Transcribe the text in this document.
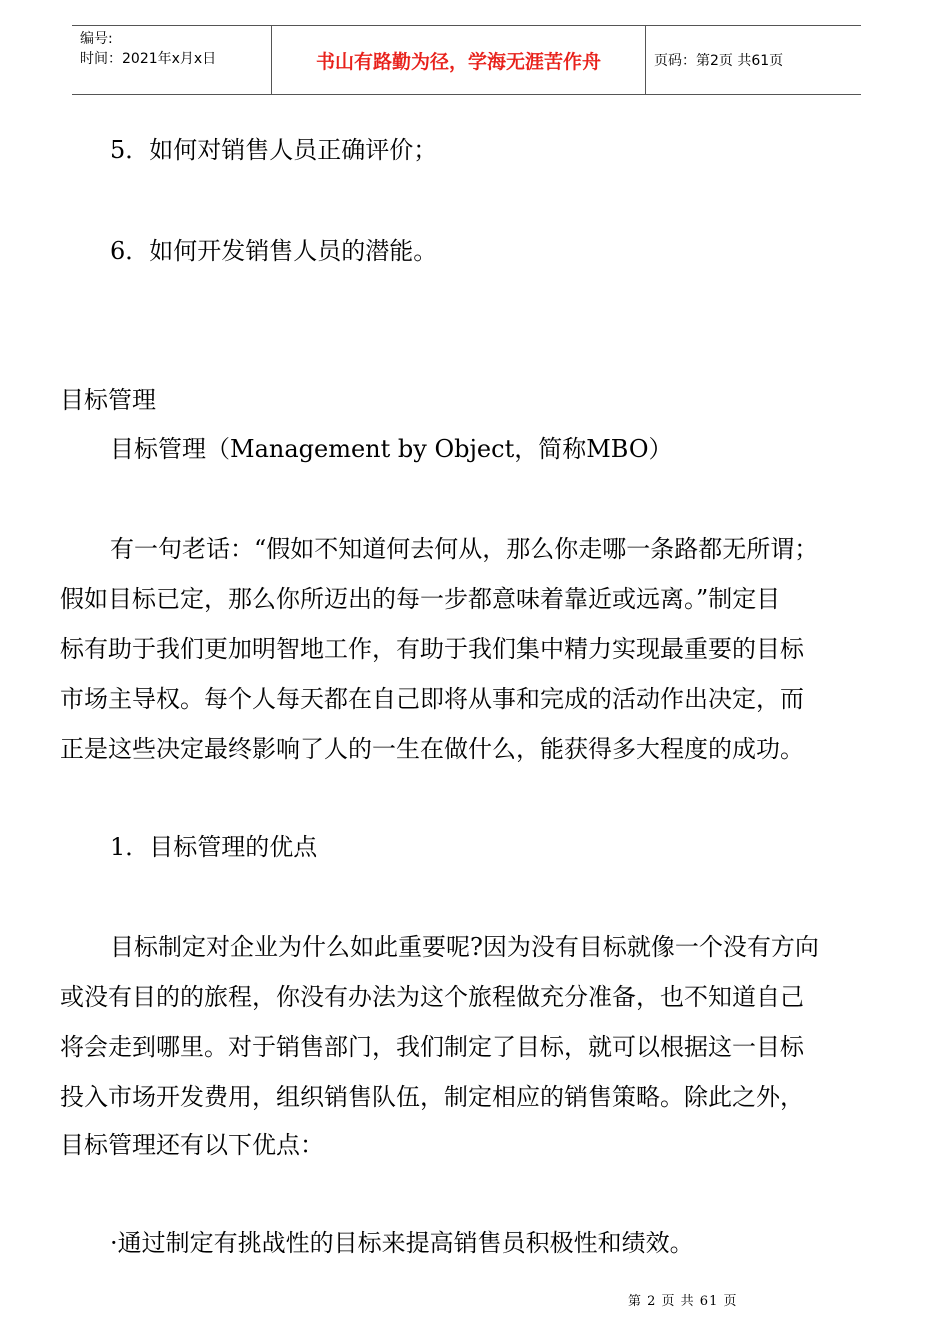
编号:
时间：2021年x月x日	书山有路勤为径，学海无涯苦作舟	页码：第2页 共61页
5．如何对销售人员正确评价；
6．如何开发销售人员的潜能。
目标管理
目标管理（Management by Object，简称MBO）
有一句老话：“假如不知道何去何从，那么你走哪一条路都无所谓；
假如目标已定，那么你所迈出的每一步都意味着靠近或远离。”制定目
标有助于我们更加明智地工作，有助于我们集中精力实现最重要的目标
市场主导权。每个人每天都在自己即将从事和完成的活动作出决定，而
正是这些决定最终影响了人的一生在做什么，能获得多大程度的成功。
1．目标管理的优点
目标制定对企业为什么如此重要呢?因为没有目标就像一个没有方向
或没有目的的旅程，你没有办法为这个旅程做充分准备，也不知道自己
将会走到哪里。对于销售部门，我们制定了目标，就可以根据这一目标
投入市场开发费用，组织销售队伍，制定相应的销售策略。除此之外，
目标管理还有以下优点：
·通过制定有挑战性的目标来提高销售员积极性和绩效。
第 2 页 共 61 页
